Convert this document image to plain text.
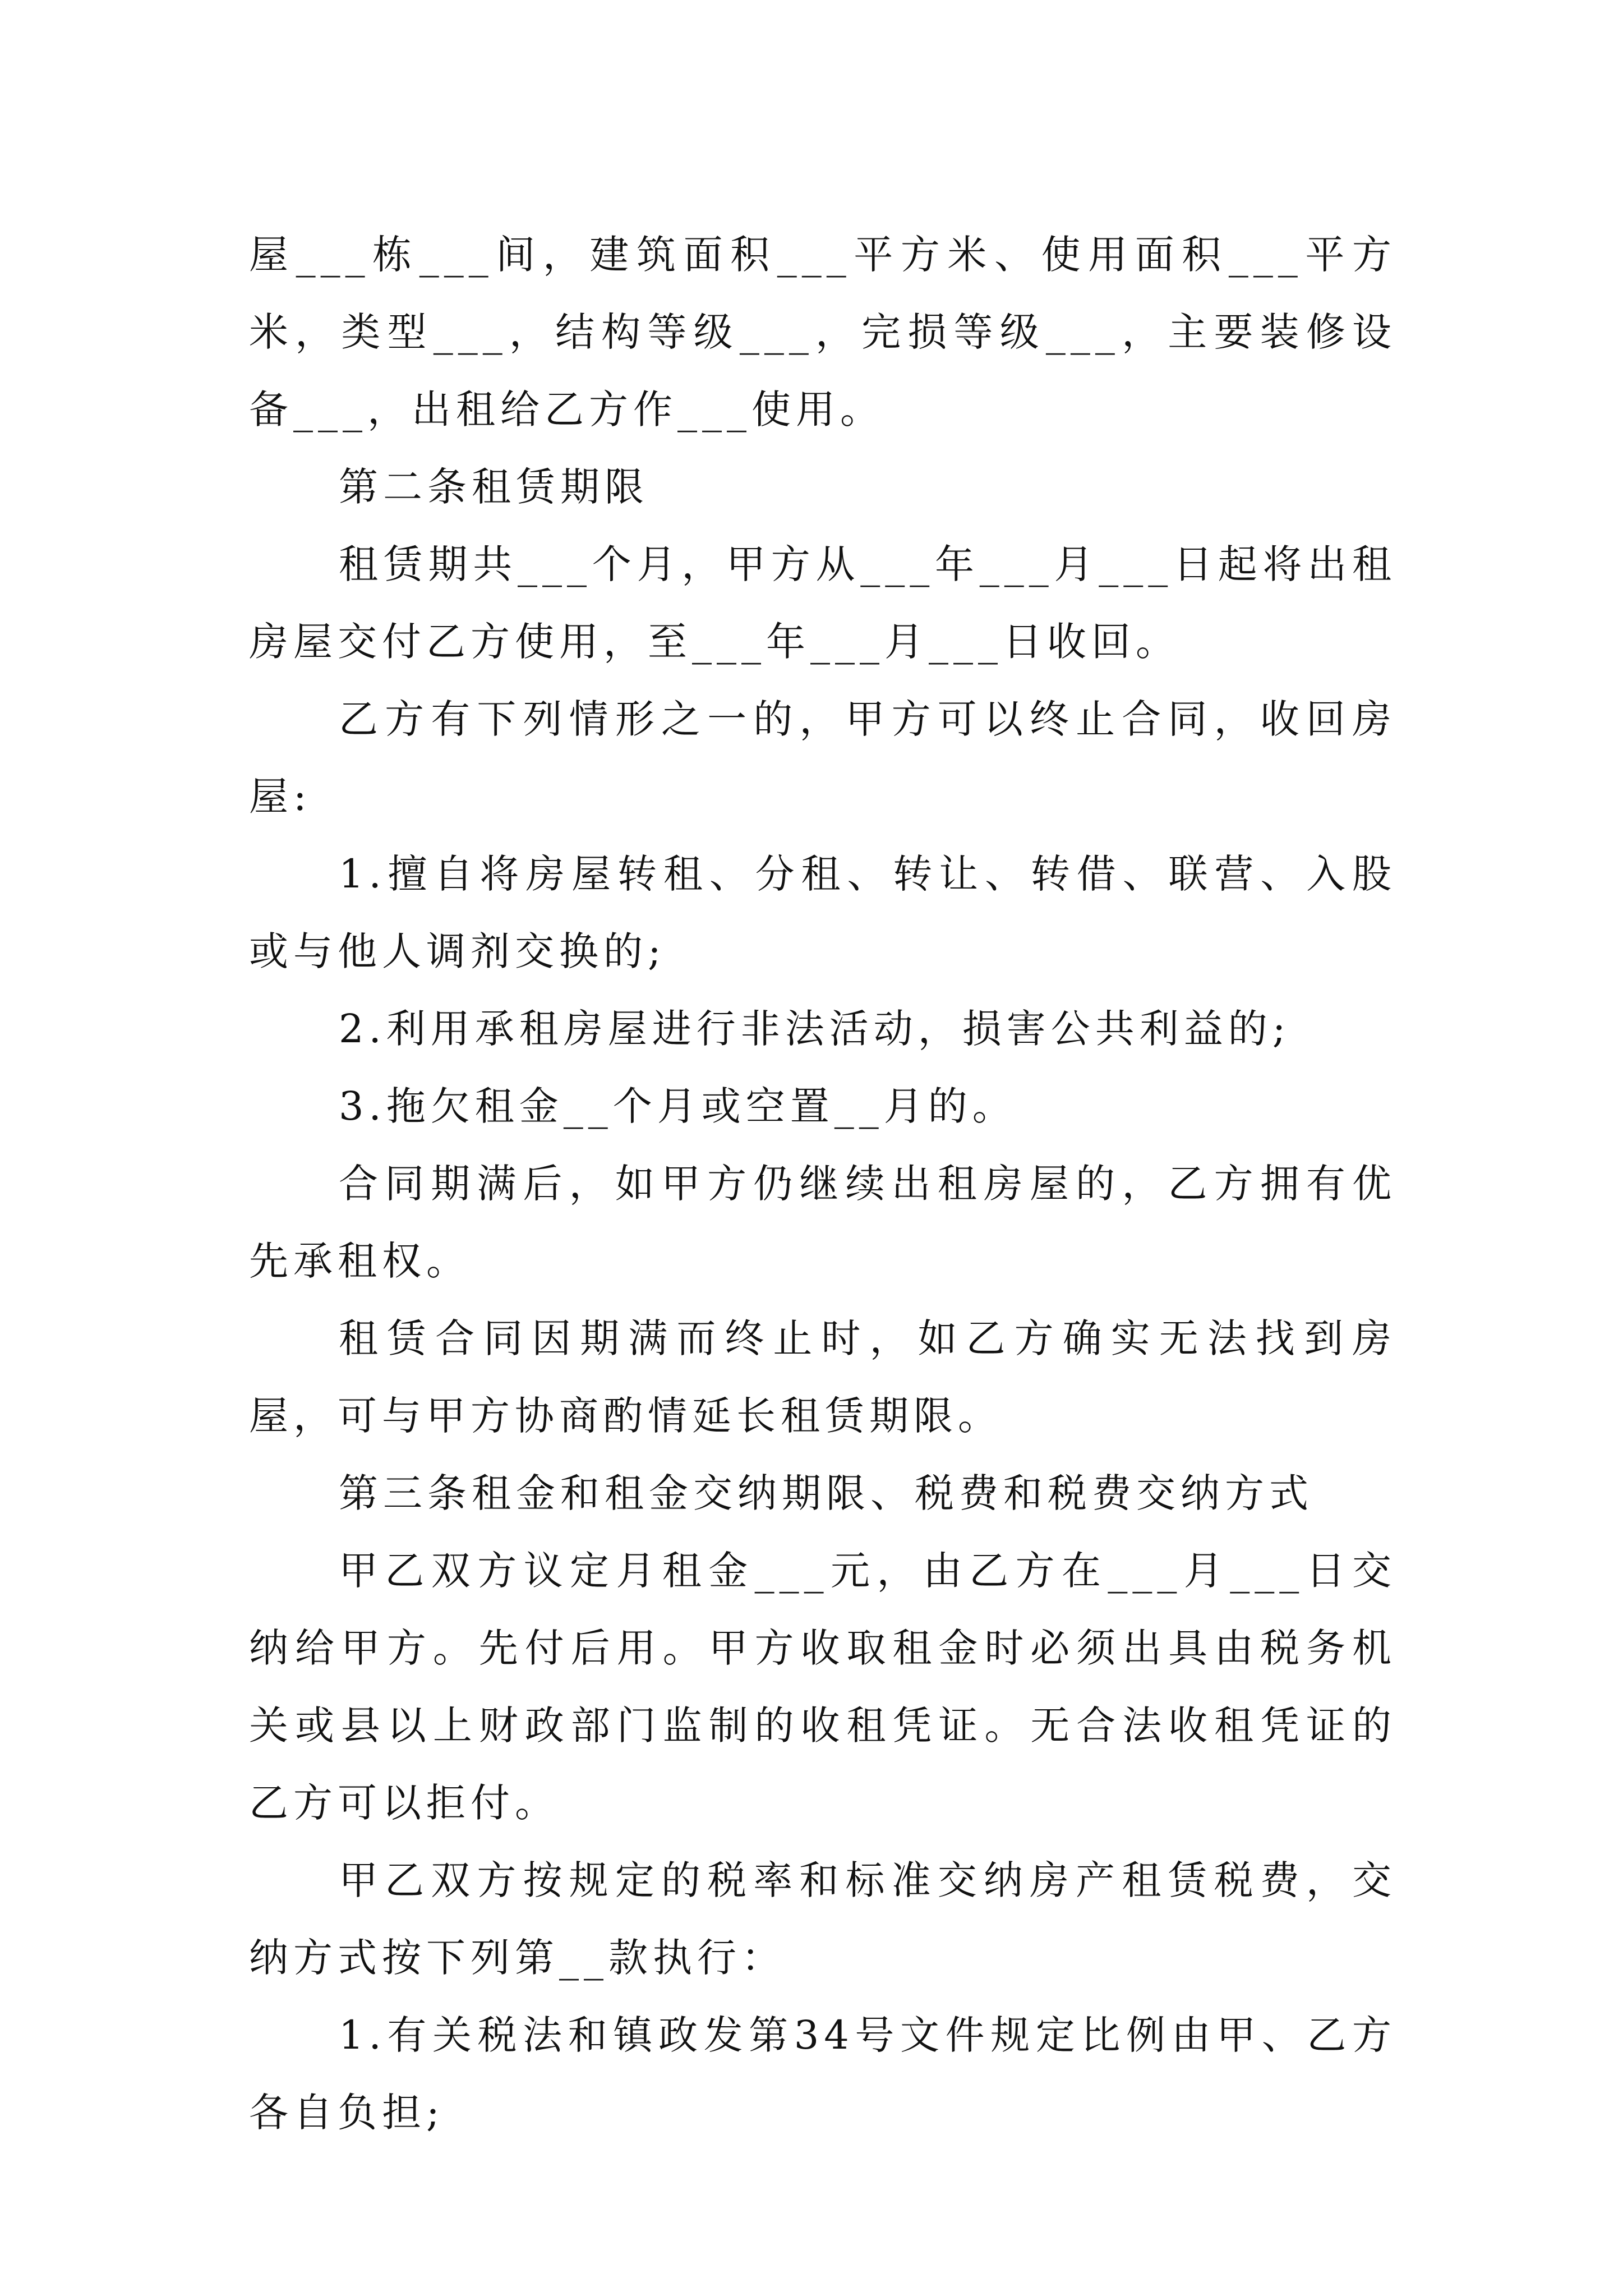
屋___栋___间，建筑面积___平方米、使用面积___平方米，类型___，结构等级___，完损等级___，主要装修设备___，出租给乙方作___使用。

第二条租赁期限

租赁期共___个月，甲方从___年___月___日起将出租房屋交付乙方使用，至___年___月___日收回。

乙方有下列情形之一的，甲方可以终止合同，收回房屋:

1.擅自将房屋转租、分租、转让、转借、联营、入股或与他人调剂交换的;

2.利用承租房屋进行非法活动，损害公共利益的;

3.拖欠租金__个月或空置__月的。

合同期满后，如甲方仍继续出租房屋的，乙方拥有优先承租权。

租赁合同因期满而终止时，如乙方确实无法找到房屋，可与甲方协商酌情延长租赁期限。

第三条租金和租金交纳期限、税费和税费交纳方式

甲乙双方议定月租金___元，由乙方在___月___日交纳给甲方。先付后用。甲方收取租金时必须出具由税务机关或县以上财政部门监制的收租凭证。无合法收租凭证的乙方可以拒付。

甲乙双方按规定的税率和标准交纳房产租赁税费，交纳方式按下列第__款执行：

1.有关税法和镇政发第34号文件规定比例由甲、乙方各自负担;
